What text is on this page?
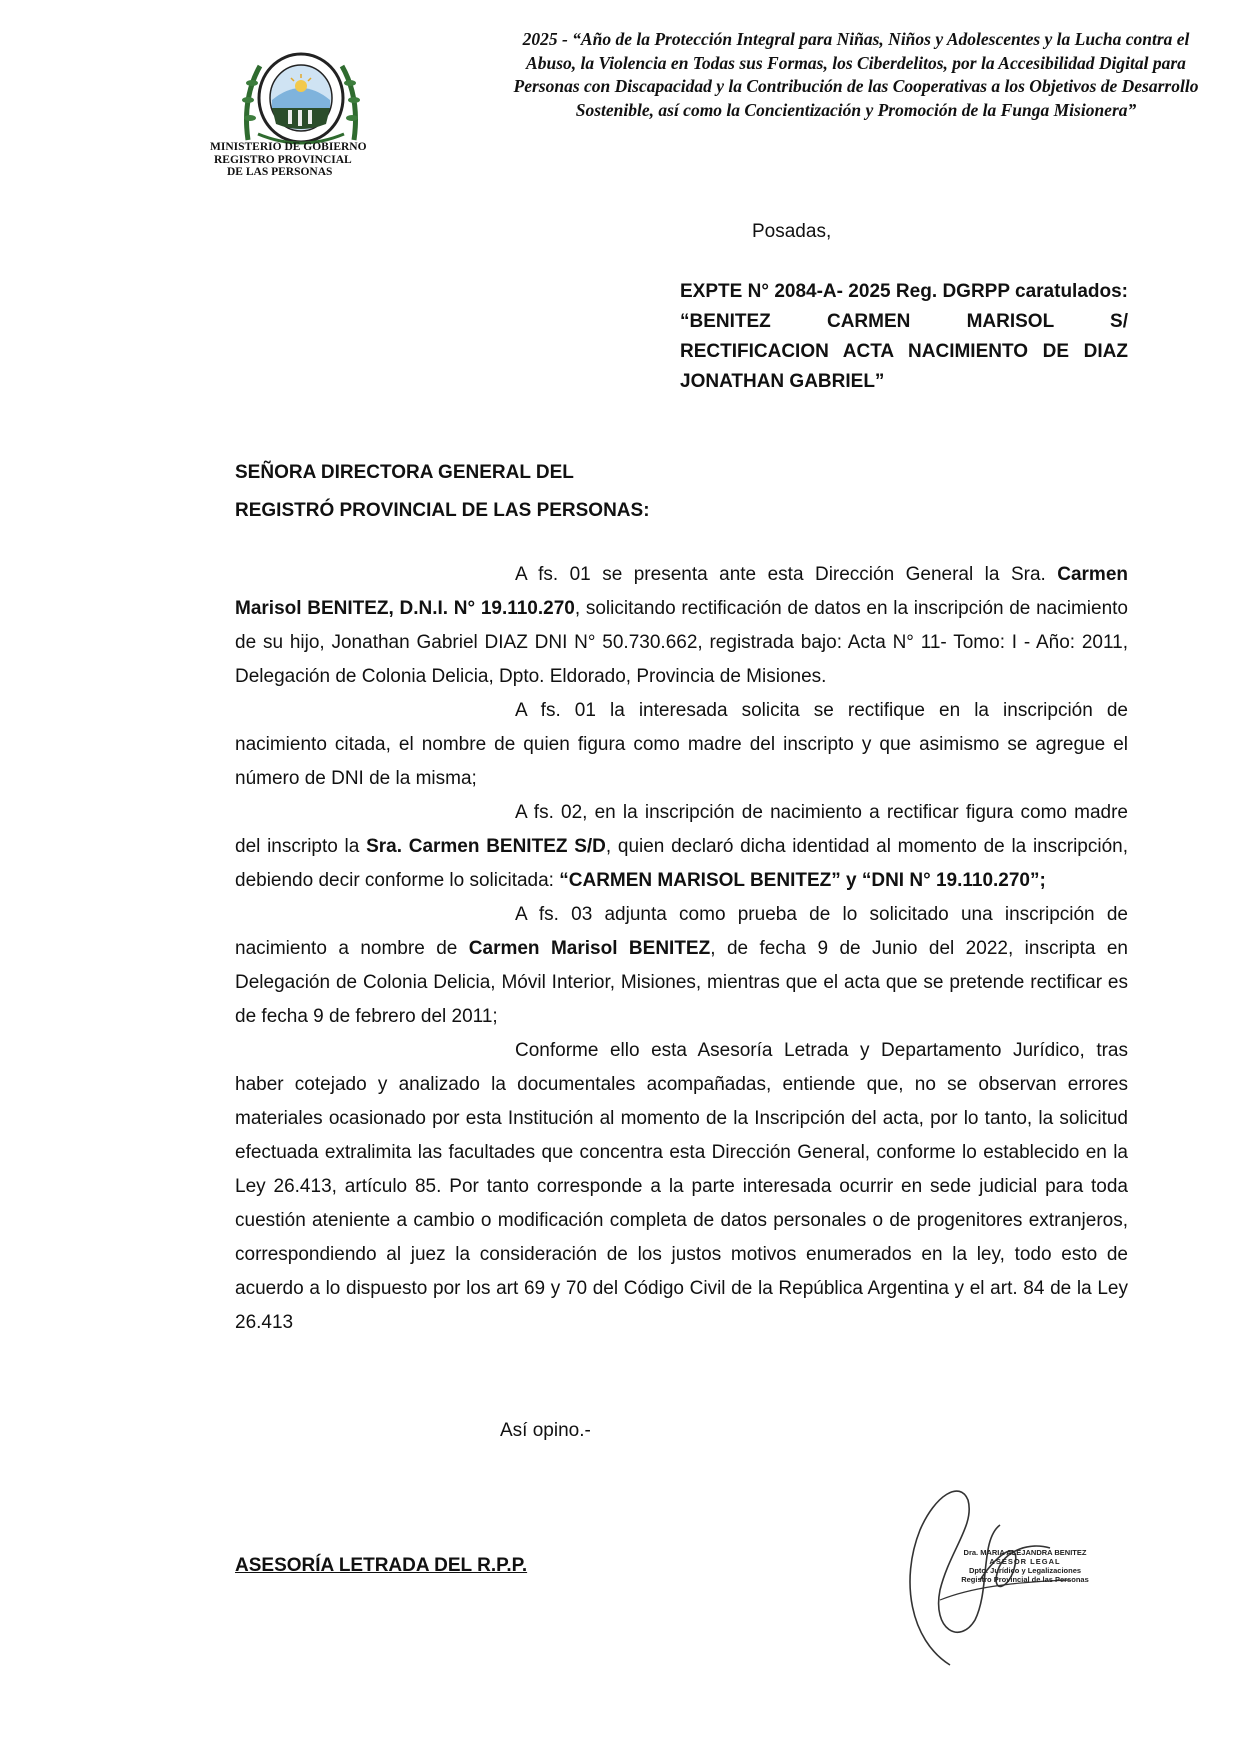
MINISTERIO DE GOBIERNO
REGISTRO PROVINCIAL
DE LAS PERSONAS
2025 - “Año de la Protección Integral para Niñas, Niños y Adolescentes y la Lucha contra el Abuso, la Violencia en Todas sus Formas, los Ciberdelitos, por la Accesibilidad Digital para Personas con Discapacidad y la Contribución de las Cooperativas a los Objetivos de Desarrollo Sostenible, así como la Concientización y Promoción de la Funga Misionera”
Posadas,
EXPTE N° 2084-A- 2025 Reg. DGRPP caratulados: “BENITEZ CARMEN MARISOL S/ RECTIFICACION ACTA NACIMIENTO DE DIAZ JONATHAN GABRIEL”
SEÑORA DIRECTORA GENERAL DEL
REGISTRÓ PROVINCIAL DE LAS PERSONAS:

A fs. 01 se presenta ante esta Dirección General la Sra. Carmen Marisol BENITEZ, D.N.I. N° 19.110.270, solicitando rectificación de datos en la inscripción de nacimiento de su hijo, Jonathan Gabriel DIAZ DNI N° 50.730.662, registrada bajo: Acta N° 11- Tomo: I - Año: 2011, Delegación de Colonia Delicia, Dpto. Eldorado, Provincia de Misiones.

A fs. 01 la interesada solicita se rectifique en la inscripción de nacimiento citada, el nombre de quien figura como madre del inscripto y que asimismo se agregue el número de DNI de la misma;

A fs. 02, en la inscripción de nacimiento a rectificar figura como madre del inscripto la Sra. Carmen BENITEZ S/D, quien declaró dicha identidad al momento de la inscripción, debiendo decir conforme lo solicitada: “CARMEN MARISOL BENITEZ” y “DNI N° 19.110.270”;

A fs. 03 adjunta como prueba de lo solicitado una inscripción de nacimiento a nombre de Carmen Marisol BENITEZ, de fecha 9 de Junio del 2022, inscripta en Delegación de Colonia Delicia, Móvil Interior, Misiones, mientras que el acta que se pretende rectificar es de fecha 9 de febrero del 2011;

Conforme ello esta Asesoría Letrada y Departamento Jurídico, tras haber cotejado y analizado la documentales acompañadas, entiende que, no se observan errores materiales ocasionado por esta Institución al momento de la Inscripción del acta, por lo tanto, la solicitud efectuada extralimita las facultades que concentra esta Dirección General, conforme lo establecido en la Ley 26.413, artículo 85. Por tanto corresponde a la parte interesada ocurrir en sede judicial para toda cuestión ateniente a cambio o modificación completa de datos personales o de progenitores extranjeros, correspondiendo al juez la consideración de los justos motivos enumerados en la ley, todo esto de acuerdo a lo dispuesto por los art 69 y 70 del Código Civil de la República Argentina y el art. 84 de la Ley 26.413

Así opino.-
ASESORÍA LETRADA DEL R.P.P.
Dra. MARIA ALEJANDRA BENITEZ
ASESOR LEGAL
Dpto. Jurídico y Legalizaciones
Registro Provincial de las Personas
